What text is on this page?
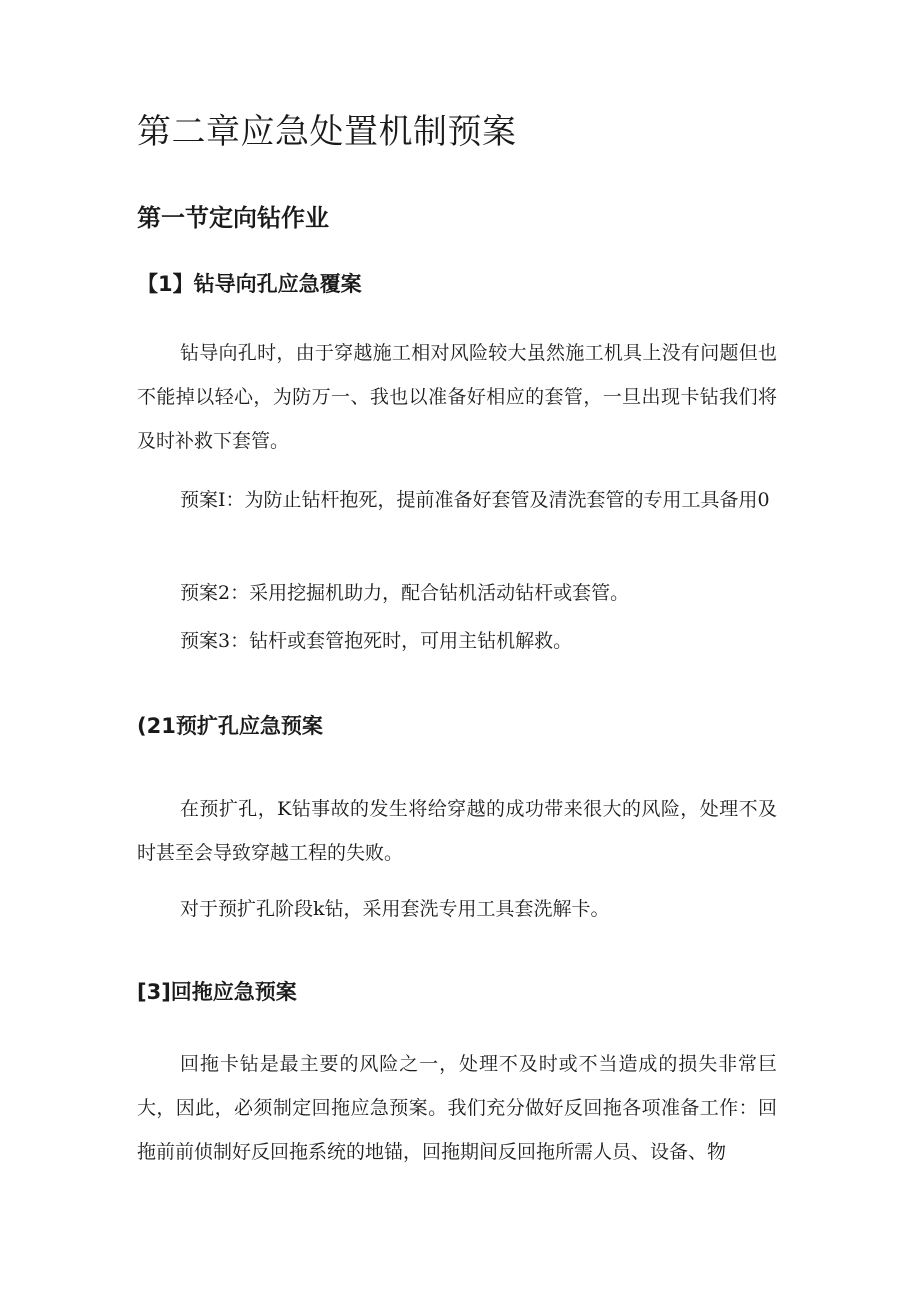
第二章应急处置机制预案
第一节定向钻作业
【1】钻导向孔应急覆案

钻导向孔时，由于穿越施工相对风险较大虽然施工机具上没有问题但也不能掉以轻心，为防万一、我也以准备好相应的套管，一旦出现卡钻我们将及时补救下套管。

预案I：为防止钻杆抱死，提前准备好套管及清洗套管的专用工具备用0

预案2：采用挖掘机助力，配合钻机活动钻杆或套管。

预案3：钻杆或套管抱死时，可用主钻机解救。

(21预扩孔应急预案

在预扩孔，K钻事故的发生将给穿越的成功带来很大的风险，处理不及时甚至会导致穿越工程的失败。

对于预扩孔阶段k钻，采用套洗专用工具套洗解卡。

[3]回拖应急预案

回拖卡钻是最主要的风险之一，处理不及时或不当造成的损失非常巨大，因此，必须制定回拖应急预案。我们充分做好反回拖各项准备工作：回拖前前侦制好反回拖系统的地锚，回拖期间反回拖所需人员、设备、物
